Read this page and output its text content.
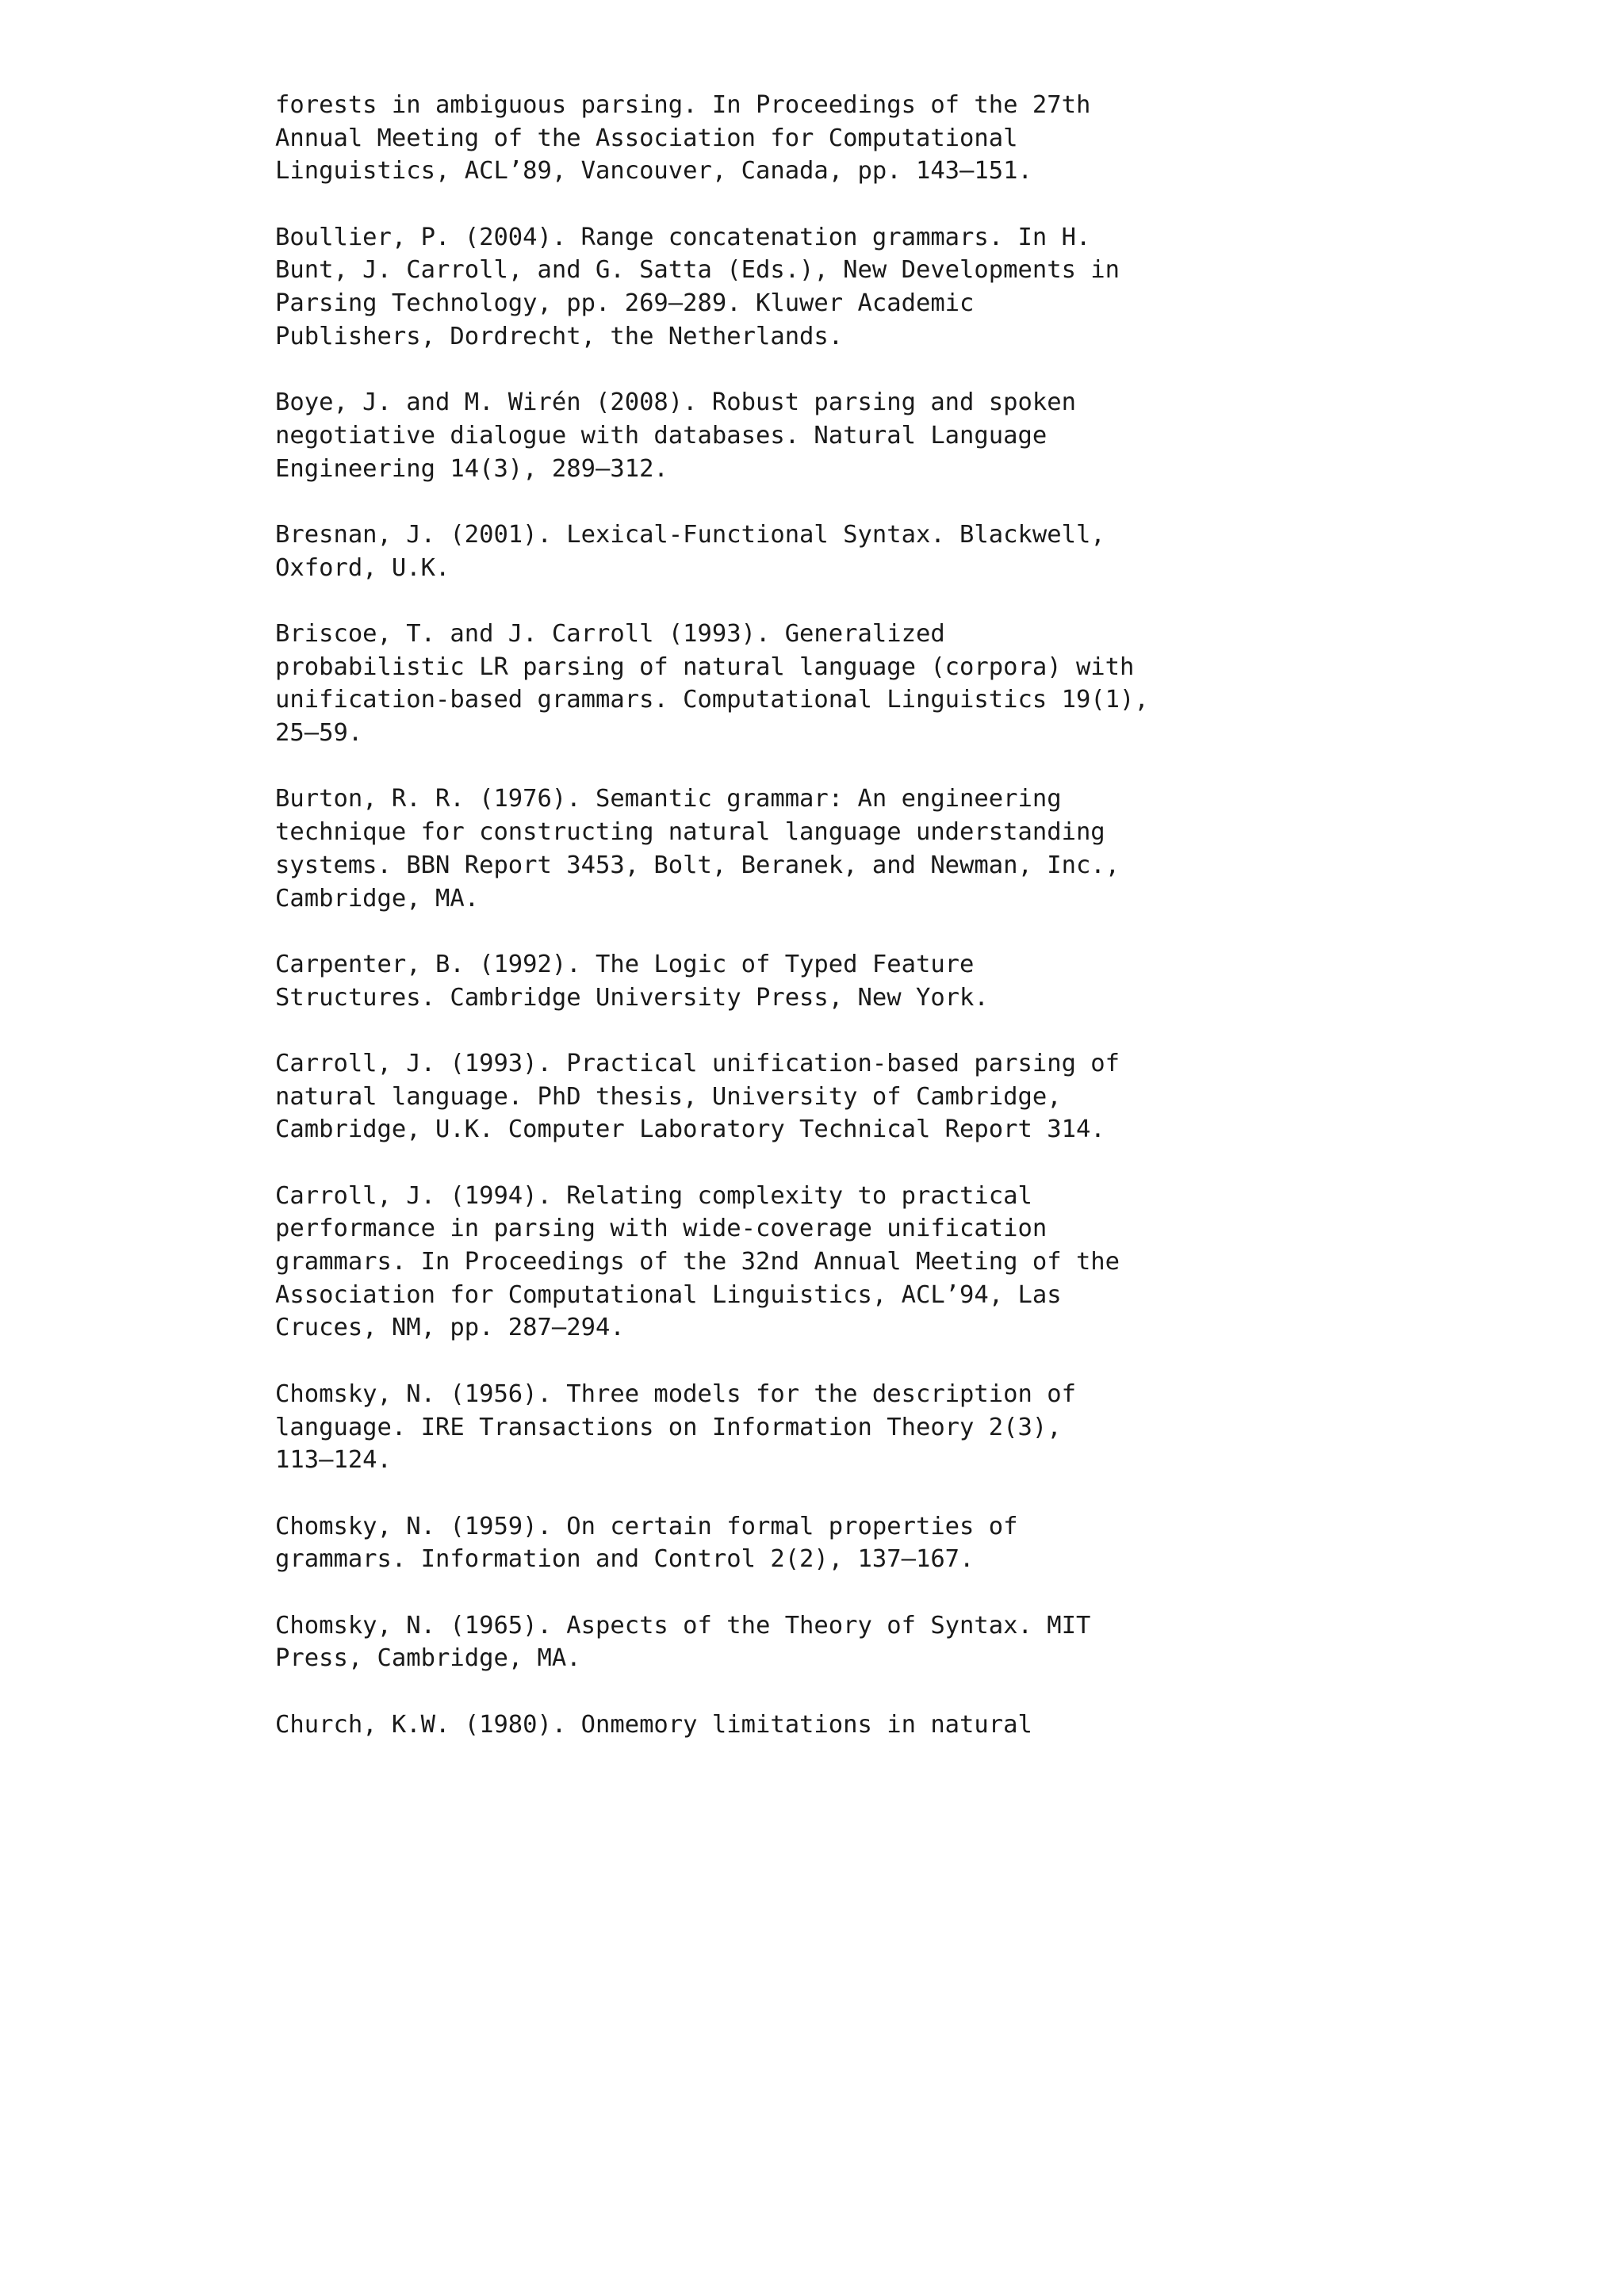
forests in ambiguous parsing. In Proceedings of the 27th
Annual Meeting of the Association for Computational
Linguistics, ACL’89, Vancouver, Canada, pp. 143–151.
Boullier, P. (2004). Range concatenation grammars. In H.
Bunt, J. Carroll, and G. Satta (Eds.), New Developments in
Parsing Technology, pp. 269–289. Kluwer Academic
Publishers, Dordrecht, the Netherlands.
Boye, J. and M. Wirén (2008). Robust parsing and spoken
negotiative dialogue with databases. Natural Language
Engineering 14(3), 289–312.
Bresnan, J. (2001). Lexical-Functional Syntax. Blackwell,
Oxford, U.K.
Briscoe, T. and J. Carroll (1993). Generalized
probabilistic LR parsing of natural language (corpora) with
unification-based grammars. Computational Linguistics 19(1),
25–59.
Burton, R. R. (1976). Semantic grammar: An engineering
technique for constructing natural language understanding
systems. BBN Report 3453, Bolt, Beranek, and Newman, Inc.,
Cambridge, MA.
Carpenter, B. (1992). The Logic of Typed Feature
Structures. Cambridge University Press, New York.
Carroll, J. (1993). Practical unification-based parsing of
natural language. PhD thesis, University of Cambridge,
Cambridge, U.K. Computer Laboratory Technical Report 314.
Carroll, J. (1994). Relating complexity to practical
performance in parsing with wide-coverage unification
grammars. In Proceedings of the 32nd Annual Meeting of the
Association for Computational Linguistics, ACL’94, Las
Cruces, NM, pp. 287–294.
Chomsky, N. (1956). Three models for the description of
language. IRE Transactions on Information Theory 2(3),
113–124.
Chomsky, N. (1959). On certain formal properties of
grammars. Information and Control 2(2), 137–167.
Chomsky, N. (1965). Aspects of the Theory of Syntax. MIT
Press, Cambridge, MA.
Church, K.W. (1980). Onmemory limitations in natural
